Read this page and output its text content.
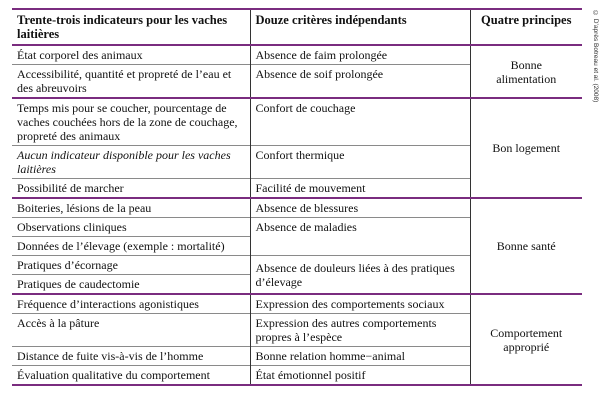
Trente-trois indicateurs pour les vaches laitières	Douze critères indépendants	Quatre principes
État corporel des animaux	Absence de faim prolongée	Bonne alimentation
Accessibilité, quantité et propreté de l’eau et des abreuvoirs	Absence de soif prolongée	
Temps mis pour se coucher, pourcentage de vaches couchées hors de la zone de couchage, propreté des animaux	Confort de couchage	Bon logement
Aucun indicateur disponible pour les vaches laitières	Confort thermique	
Possibilité de marcher	Facilité de mouvement	
Boiteries, lésions de la peau	Absence de blessures	Bonne santé
Observations cliniques	Absence de maladies	
Données de l’élevage (exemple : mortalité)		
Pratiques d’écornage	Absence de douleurs liées à des pratiques d’élevage	
Pratiques de caudectomie		
Fréquence d’interactions agonistiques	Expression des comportements sociaux	Comportement approprié
Accès à la pâture	Expression des autres comportements propres à l’espèce	
Distance de fuite vis-à-vis de l’homme	Bonne relation homme−animal	
Évaluation qualitative du comportement	État émotionnel positif	
© D’après Botreau et al. (2008)
